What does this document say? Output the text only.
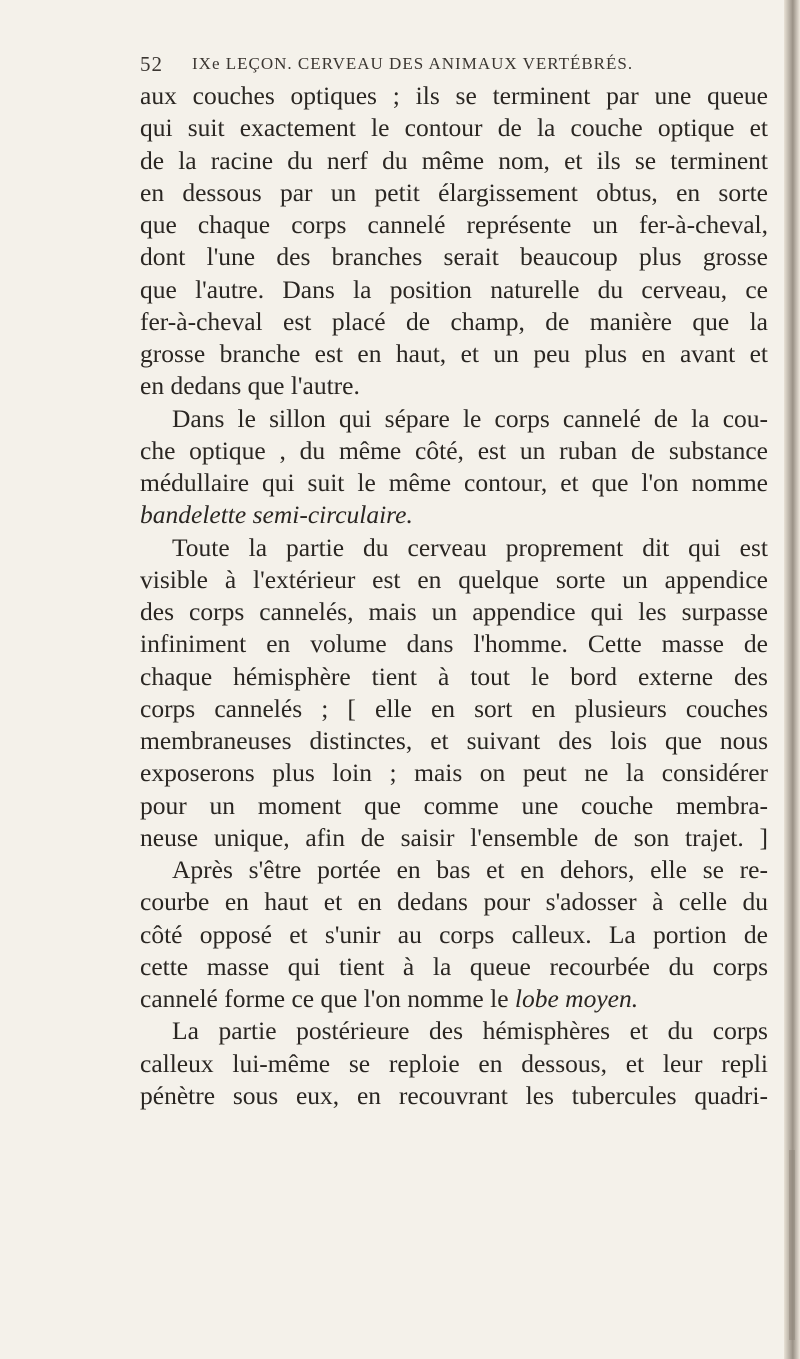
52 IXe LEÇON. CERVEAU DES ANIMAUX VERTÉBRÉS.
aux couches optiques ; ils se terminent par une queue
qui suit exactement le contour de la couche optique et
de la racine du nerf du même nom, et ils se terminent
en dessous par un petit élargissement obtus, en sorte
que chaque corps cannelé représente un fer-à-cheval,
dont l'une des branches serait beaucoup plus grosse
que l'autre. Dans la position naturelle du cerveau, ce
fer-à-cheval est placé de champ, de manière que la
grosse branche est en haut, et un peu plus en avant et
en dedans que l'autre.
Dans le sillon qui sépare le corps cannelé de la cou-
che optique , du même côté, est un ruban de substance
médullaire qui suit le même contour, et que l'on nomme
bandelette semi-circulaire.
Toute la partie du cerveau proprement dit qui est
visible à l'extérieur est en quelque sorte un appendice
des corps cannelés, mais un appendice qui les surpasse
infiniment en volume dans l'homme. Cette masse de
chaque hémisphère tient à tout le bord externe des
corps cannelés ; [ elle en sort en plusieurs couches
membraneuses distinctes, et suivant des lois que nous
exposerons plus loin ; mais on peut ne la considérer
pour un moment que comme une couche membra-
neuse unique, afin de saisir l'ensemble de son trajet. ]
Après s'être portée en bas et en dehors, elle se re-
courbe en haut et en dedans pour s'adosser à celle du
côté opposé et s'unir au corps calleux. La portion de
cette masse qui tient à la queue recourbée du corps
cannelé forme ce que l'on nomme le lobe moyen.
La partie postérieure des hémisphères et du corps
calleux lui-même se reploie en dessous, et leur repli
pénètre sous eux, en recouvrant les tubercules quadri-
